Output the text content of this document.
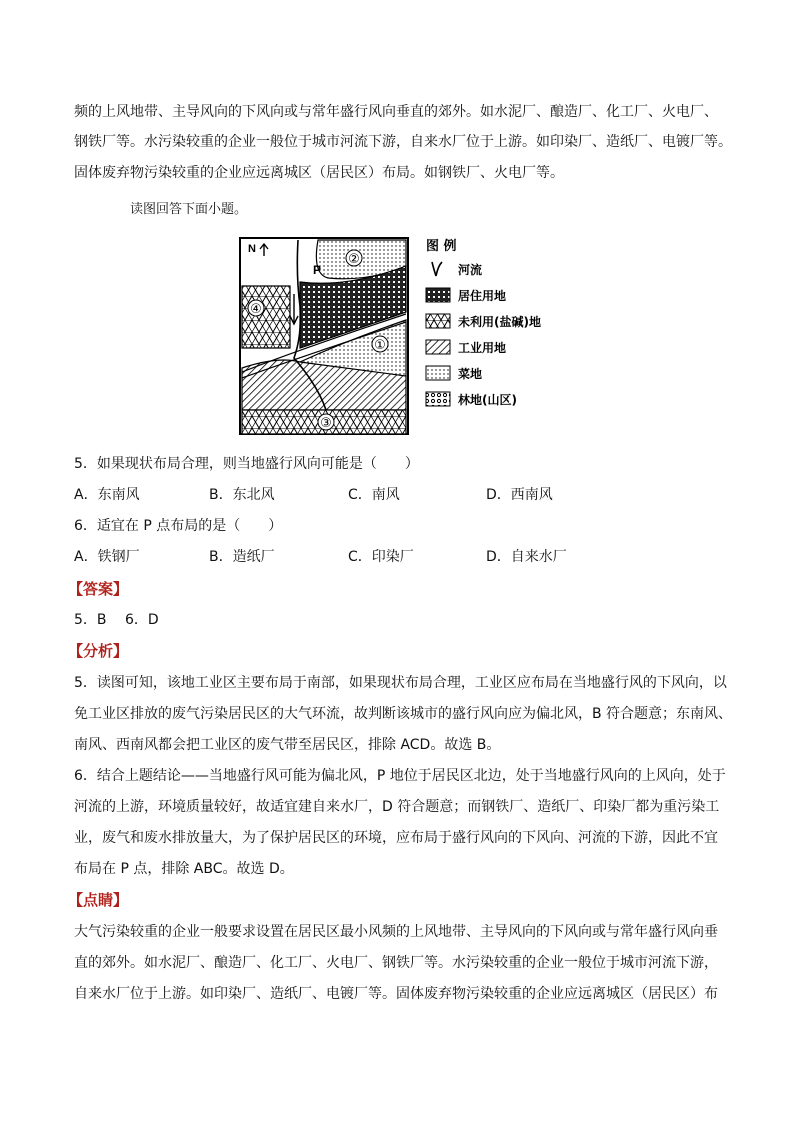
频的上风地带、主导风向的下风向或与常年盛行风向垂直的郊外。如水泥厂、酿造厂、化工厂、火电厂、
钢铁厂等。水污染较重的企业一般位于城市河流下游，自来水厂位于上游。如印染厂、造纸厂、电镀厂等。
固体废弃物污染较重的企业应远离城区（居民区）布局。如钢铁厂、火电厂等。
读图回答下面小题。
N
P
②
①
③
④
图 例
河流
居住用地
未利用(盐碱)地
工业用地
菜地
林地(山区)
5．如果现状布局合理，则当地盛行风向可能是（　　）
A．东南风	B．东北风	C．南风	D．西南风
6．适宜在 P 点布局的是（　　）
A．铁钢厂	B．造纸厂	C．印染厂	D．自来水厂
【答案】
5．B　 6．D
【分析】
5．读图可知，该地工业区主要布局于南部，如果现状布局合理，工业区应布局在当地盛行风的下风向，以
免工业区排放的废气污染居民区的大气环流，故判断该城市的盛行风向应为偏北风，B 符合题意；东南风、
南风、西南风都会把工业区的废气带至居民区，排除 ACD。故选 B。
6．结合上题结论——当地盛行风可能为偏北风，P 地位于居民区北边，处于当地盛行风向的上风向，处于
河流的上游，环境质量较好，故适宜建自来水厂，D 符合题意；而钢铁厂、造纸厂、印染厂都为重污染工
业，废气和废水排放量大，为了保护居民区的环境，应布局于盛行风向的下风向、河流的下游，因此不宜
布局在 P 点，排除 ABC。故选 D。
【点睛】
大气污染较重的企业一般要求设置在居民区最小风频的上风地带、主导风向的下风向或与常年盛行风向垂
直的郊外。如水泥厂、酿造厂、化工厂、火电厂、钢铁厂等。水污染较重的企业一般位于城市河流下游，
自来水厂位于上游。如印染厂、造纸厂、电镀厂等。固体废弃物污染较重的企业应远离城区（居民区）布
